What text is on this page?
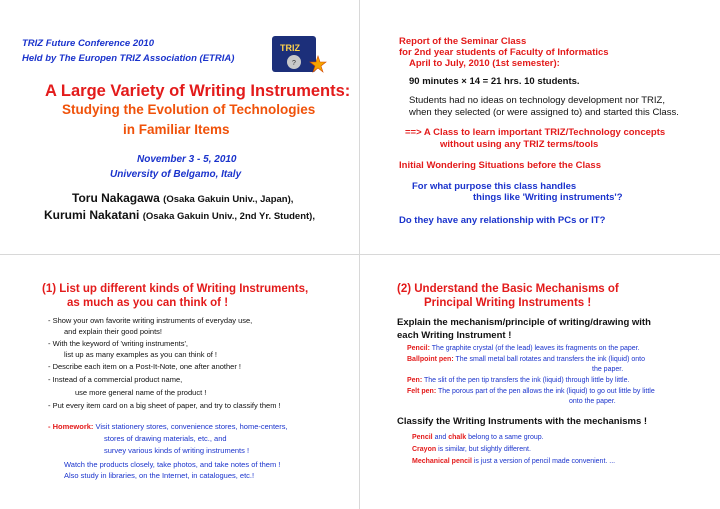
TRIZ Future Conference 2010
Held by The Europen TRIZ Association (ETRIA)
TRIZ
?
A Large Variety of Writing Instruments:
Studying the Evolution of Technologies
in Familiar Items
November 3 - 5, 2010
University of Belgamo, Italy
Toru Nakagawa (Osaka Gakuin Univ., Japan),
Kurumi Nakatani (Osaka Gakuin Univ., 2nd Yr. Student),
Report of the Seminar Class
for 2nd year students of Faculty of Informatics
April to July, 2010 (1st semester):
90 minutes × 14 = 21 hrs. 10 students.
Students had no ideas on technology development nor TRIZ,
when they selected (or were assigned to) and started this Class.
==> A Class to learn important TRIZ/Technology concepts
without using any TRIZ terms/tools
Initial Wondering Situations before the Class
For what purpose this class handles
things like 'Writing instruments'?
Do they have any relationship with PCs or IT?
(1) List up different kinds of Writing Instruments,
as much as you can think of !
- Show your own favorite writing instruments of everyday use,
and explain their good points!
- With the keyword of 'writing instruments',
list up as many examples as you can think of !
- Describe each item on a Post-It-Note, one after another !
- Instead of a commercial product name,
use more general name of the product !
- Put every item card on a big sheet of paper, and try to classify them !
- Homework: Visit stationery stores, convenience stores, home-centers,
stores of drawing materials, etc., and
survey various kinds of writing instruments !
Watch the products closely, take photos, and take notes of them !
Also study in libraries, on the Internet, in catalogues, etc.!
(2) Understand the Basic Mechanisms of
Principal Writing Instruments !
Explain the mechanism/principle of writing/drawing with
each Writing Instrument !
Pencil: The graphite crystal (of the lead) leaves its fragments on the paper.
Ballpoint pen: The small metal ball rotates and transfers the ink (liquid) onto
the paper.
Pen: The slit of the pen tip transfers the ink (liquid) through little by little.
Felt pen: The porous part of the pen allows the ink (liquid) to go out little by little
onto the paper.
Classify the Writing Instruments with the mechanisms !
Pencil and chalk belong to a same group.
Crayon is similar, but slightly different.
Mechanical pencil is just a version of pencil made convenient. ...
